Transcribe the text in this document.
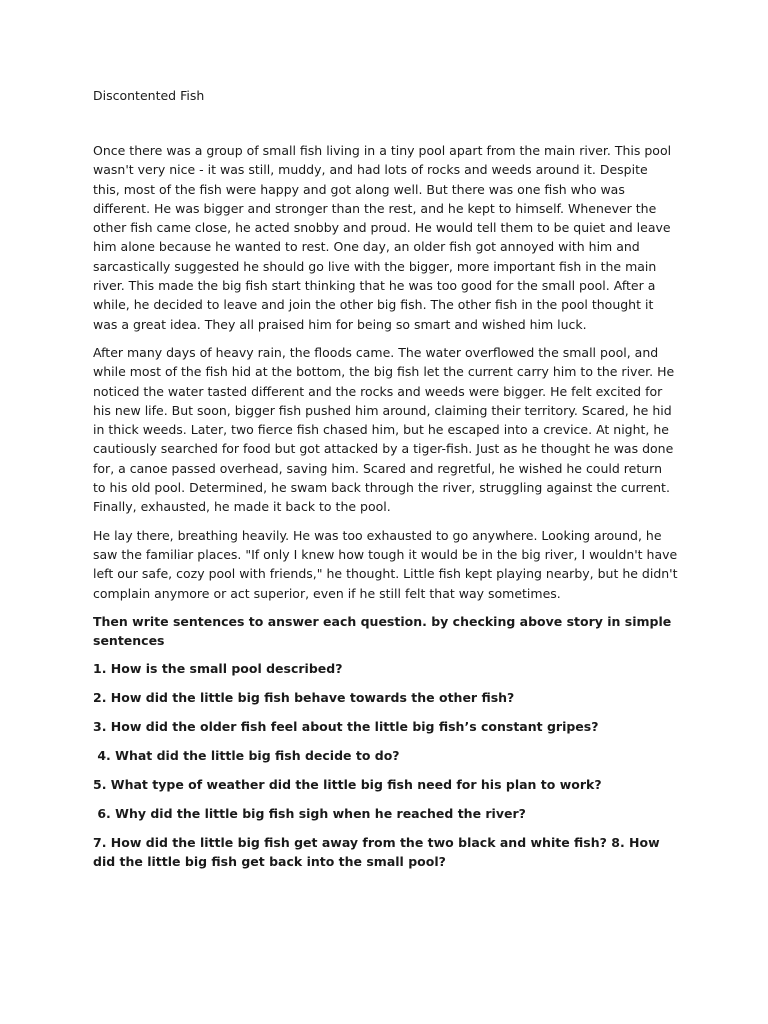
Discontented Fish

Once there was a group of small fish living in a tiny pool apart from the main river. This pool wasn't very nice - it was still, muddy, and had lots of rocks and weeds around it. Despite this, most of the fish were happy and got along well. But there was one fish who was different. He was bigger and stronger than the rest, and he kept to himself. Whenever the other fish came close, he acted snobby and proud. He would tell them to be quiet and leave him alone because he wanted to rest. One day, an older fish got annoyed with him and sarcastically suggested he should go live with the bigger, more important fish in the main river. This made the big fish start thinking that he was too good for the small pool. After a while, he decided to leave and join the other big fish. The other fish in the pool thought it was a great idea. They all praised him for being so smart and wished him luck.

After many days of heavy rain, the floods came. The water overflowed the small pool, and while most of the fish hid at the bottom, the big fish let the current carry him to the river. He noticed the water tasted different and the rocks and weeds were bigger. He felt excited for his new life. But soon, bigger fish pushed him around, claiming their territory. Scared, he hid in thick weeds. Later, two fierce fish chased him, but he escaped into a crevice. At night, he cautiously searched for food but got attacked by a tiger-fish. Just as he thought he was done for, a canoe passed overhead, saving him. Scared and regretful, he wished he could return to his old pool. Determined, he swam back through the river, struggling against the current. Finally, exhausted, he made it back to the pool.

He lay there, breathing heavily. He was too exhausted to go anywhere. Looking around, he saw the familiar places. "If only I knew how tough it would be in the big river, I wouldn't have left our safe, cozy pool with friends," he thought. Little fish kept playing nearby, but he didn't complain anymore or act superior, even if he still felt that way sometimes.

Then write sentences to answer each question. by checking above story in simple sentences

1. How is the small pool described?

2. How did the little big fish behave towards the other fish?

3. How did the older fish feel about the little big fish’s constant gripes?

4. What did the little big fish decide to do?

5. What type of weather did the little big fish need for his plan to work?

6. Why did the little big fish sigh when he reached the river?

7. How did the little big fish get away from the two black and white fish? 8. How did the little big fish get back into the small pool?
